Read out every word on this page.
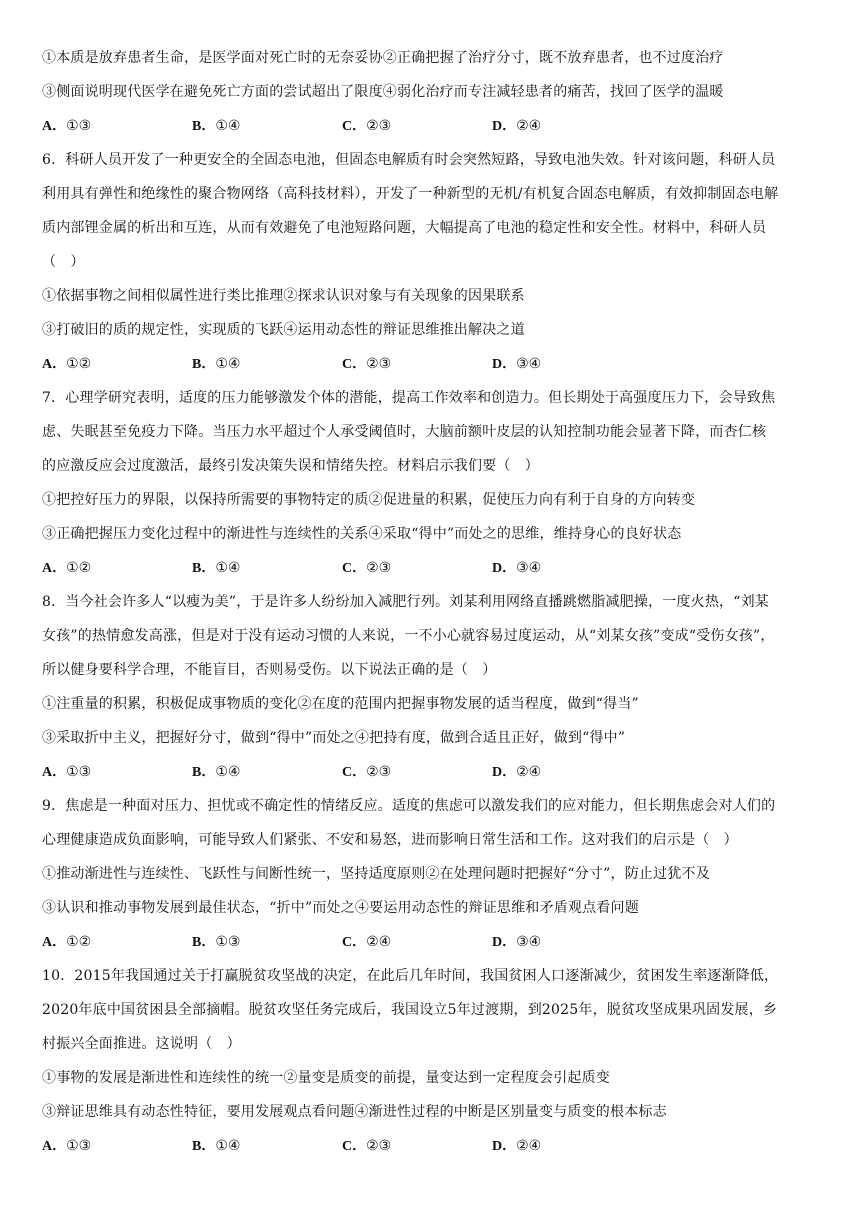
①本质是放弃患者生命，是医学面对死亡时的无奈妥协②正确把握了治疗分寸，既不放弃患者，也不过度治疗
③侧面说明现代医学在避免死亡方面的尝试超出了限度④弱化治疗而专注减轻患者的痛苦，找回了医学的温暖
A．①③	B．①④	C．②③	D．②④
6．科研人员开发了一种更安全的全固态电池，但固态电解质有时会突然短路，导致电池失效。针对该问题，科研人员
利用具有弹性和绝缘性的聚合物网络（高科技材料），开发了一种新型的无机/有机复合固态电解质，有效抑制固态电解
质内部锂金属的析出和互连，从而有效避免了电池短路问题，大幅提高了电池的稳定性和安全性。材料中，科研人员
（　）
①依据事物之间相似属性进行类比推理②探求认识对象与有关现象的因果联系
③打破旧的质的规定性，实现质的飞跃④运用动态性的辩证思维推出解决之道
A．①②	B．①④	C．②③	D．③④
7．心理学研究表明，适度的压力能够激发个体的潜能，提高工作效率和创造力。但长期处于高强度压力下，会导致焦
虑、失眠甚至免疫力下降。当压力水平超过个人承受阈值时，大脑前额叶皮层的认知控制功能会显著下降，而杏仁核
的应激反应会过度激活，最终引发决策失误和情绪失控。材料启示我们要（　）
①把控好压力的界限，以保持所需要的事物特定的质②促进量的积累，促使压力向有利于自身的方向转变
③正确把握压力变化过程中的渐进性与连续性的关系④采取“得中”而处之的思维，维持身心的良好状态
A．①②	B．①④	C．②③	D．③④
8．当今社会许多人“以瘦为美”，于是许多人纷纷加入减肥行列。刘某利用网络直播跳燃脂减肥操，一度火热，“刘某
女孩”的热情愈发高涨，但是对于没有运动习惯的人来说，一不小心就容易过度运动，从“刘某女孩”变成“受伤女孩”，
所以健身要科学合理，不能盲目，否则易受伤。以下说法正确的是（　）
①注重量的积累，积极促成事物质的变化②在度的范围内把握事物发展的适当程度，做到“得当”
③采取折中主义，把握好分寸，做到“得中”而处之④把持有度，做到合适且正好，做到“得中”
A．①③	B．①④	C．②③	D．②④
9．焦虑是一种面对压力、担忧或不确定性的情绪反应。适度的焦虑可以激发我们的应对能力，但长期焦虑会对人们的
心理健康造成负面影响，可能导致人们紧张、不安和易怒，进而影响日常生活和工作。这对我们的启示是（　）
①推动渐进性与连续性、飞跃性与间断性统一，坚持适度原则②在处理问题时把握好“分寸”，防止过犹不及
③认识和推动事物发展到最佳状态，“折中”而处之④要运用动态性的辩证思维和矛盾观点看问题
A．①②	B．①③	C．②④	D．③④
10．2015年我国通过关于打赢脱贫攻坚战的决定，在此后几年时间，我国贫困人口逐渐减少，贫困发生率逐渐降低，
2020年底中国贫困县全部摘帽。脱贫攻坚任务完成后，我国设立5年过渡期，到2025年，脱贫攻坚成果巩固发展，乡
村振兴全面推进。这说明（　）
①事物的发展是渐进性和连续性的统一②量变是质变的前提，量变达到一定程度会引起质变
③辩证思维具有动态性特征，要用发展观点看问题④渐进性过程的中断是区别量变与质变的根本标志
A．①③	B．①④	C．②③	D．②④
